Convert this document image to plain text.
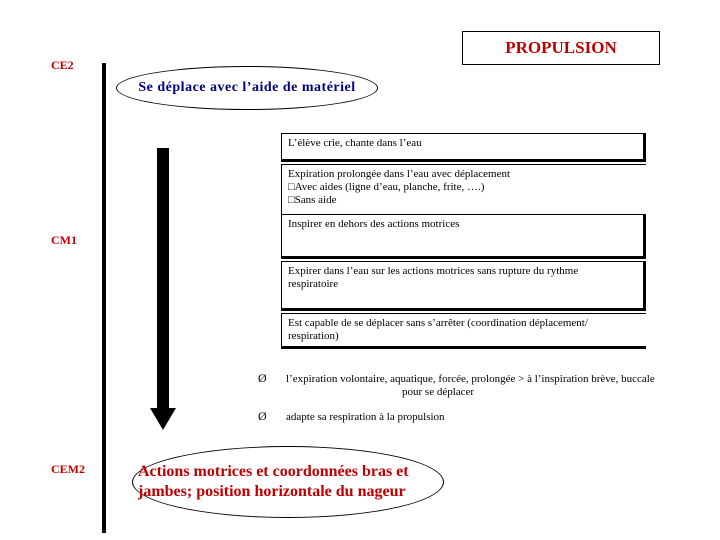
PROPULSION
CE2
CM1
CEM2
Se déplace avec l’aide de matériel
L’élève crie, chante dans l’eau
Expiration prolongée dans l’eau avec déplacement
□Avec aides (ligne d’eau, planche, frite, ….)
□Sans aide
Inspirer en dehors des actions motrices
Expirer dans l’eau sur les actions motrices sans rupture du rythme
respiratoire
Est capable de se déplacer sans s’arrêter (coordination déplacement/
respiration)
Ø l’expiration volontaire, aquatique, forcée, prolongée > à l’inspiration brève, buccale
pour se déplacer
Ø adapte sa respiration à la propulsion
Actions motrices et coordonnées bras et jambes; position horizontale du nageur
